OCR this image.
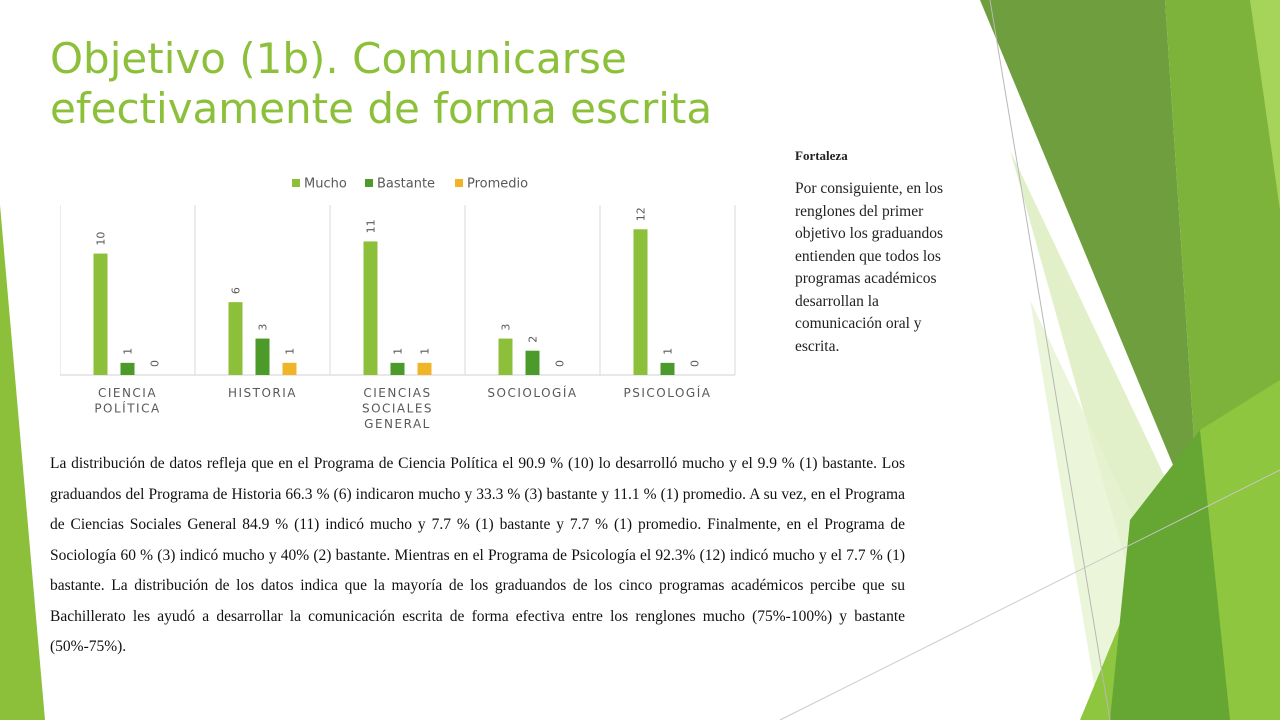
Objetivo (1b). Comunicarse efectivamente de forma escrita
Fortaleza

Por consiguiente, en los renglones del primer objetivo los graduandos entienden que todos los programas académicos desarrollan la comunicación oral y escrita.

Mucho Bastante Promedio
10
1
0
CIENCIA
POLÍTICA
6
3
1
HISTORIA
11
1 1
CIENCIAS
SOCIALES
GENERAL
3
2
0
SOCIOLOGÍA
12
1
0
PSICOLOGÍA

La distribución de datos refleja que en el Programa de Ciencia Política el 90.9 % (10) lo desarrolló mucho y el 9.9 % (1) bastante. Los graduandos del Programa de Historia 66.3 % (6) indicaron mucho y 33.3 % (3) bastante y 11.1 % (1) promedio. A su vez, en el Programa de Ciencias Sociales General 84.9 % (11) indicó mucho y 7.7 % (1) bastante y 7.7 % (1) promedio. Finalmente, en el Programa de Sociología 60 % (3) indicó mucho y 40% (2) bastante. Mientras en el Programa de Psicología el 92.3% (12) indicó mucho y el 7.7 % (1) bastante. La distribución de los datos indica que la mayoría de los graduandos de los cinco programas académicos percibe que su Bachillerato les ayudó a desarrollar la comunicación escrita de forma efectiva entre los renglones mucho (75%-100%) y bastante (50%-75%).
